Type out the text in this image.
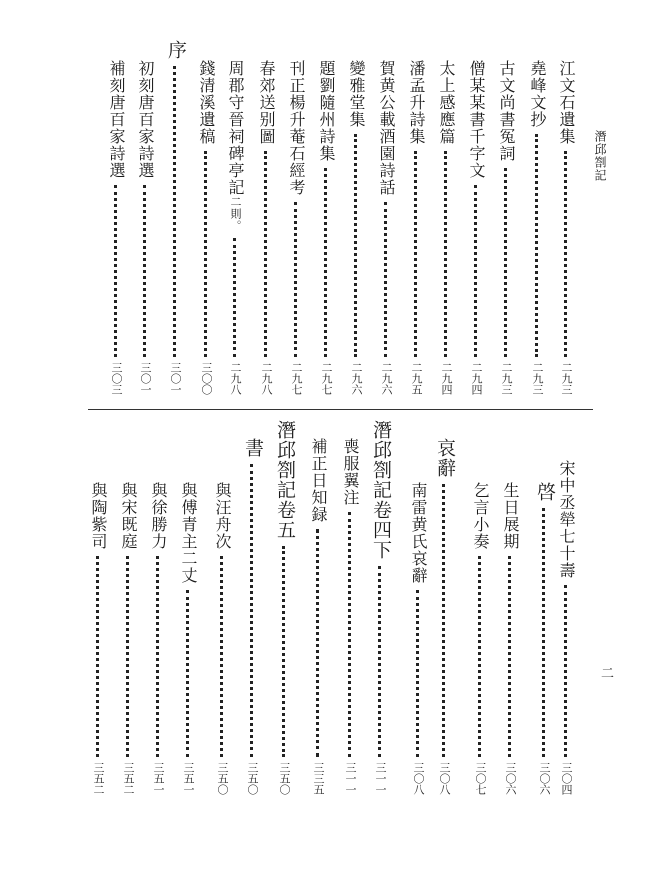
潛邱劄記
二
江文石遺集
二九三
堯峰文抄
二九三
古文尚書冤詞
二九三
僧某某書千字文
二九四
太上感應篇
二九四
潘孟升詩集
二九五
賀黄公載酒園詩話
二九六
變雅堂集
二九六
題劉隨州詩集
二九七
刊正楊升菴石經考
二九七
春郊送别圖
二九八
周郡守晉祠碑亭記二則。
二九八
錢清溪遺稿
三〇〇
序
三〇一
初刻唐百家詩選
三〇一
補刻唐百家詩選
三〇三
宋中丞犖七十壽
三〇四
啓
三〇六
生日展期
三〇六
乞言小奏
三〇七
哀辭
三〇八
南雷黄氏哀辭
三〇八
潛邱劄記卷四下
三一一
喪服翼注
三一一
補正日知録
三三五
潛邱劄記卷五
三五〇
書
三五〇
與汪舟次
三五〇
與傅青主二丈
三五一
與徐勝力
三五一
與宋既庭
三五二
與陶紫司
三五二
